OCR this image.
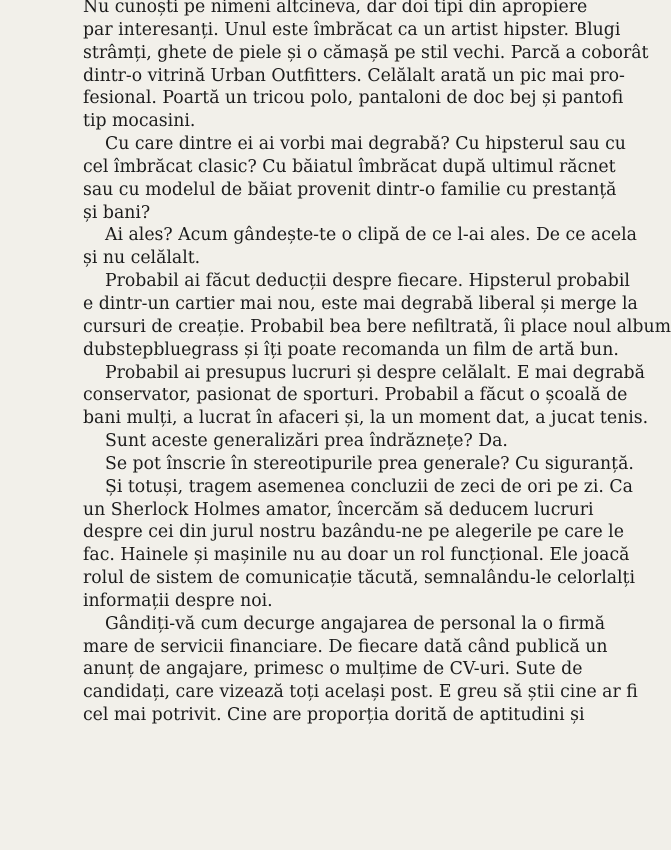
Nu cunoști pe nimeni altcineva, dar doi tipi din apropiere
par interesanți. Unul este îmbrăcat ca un artist hipster. Blugi
strâmți, ghete de piele și o cămașă pe stil vechi. Parcă a coborât
dintr-o vitrină Urban Outfitters. Celălalt arată un pic mai pro-
fesional. Poartă un tricou polo, pantaloni de doc bej și pantofi
tip mocasini.
Cu care dintre ei ai vorbi mai degrabă? Cu hipsterul sau cu
cel îmbrăcat clasic? Cu băiatul îmbrăcat după ultimul răcnet
sau cu modelul de băiat provenit dintr-o familie cu prestanță
și bani?
Ai ales? Acum gândește-te o clipă de ce l-ai ales. De ce acela
și nu celălalt.
Probabil ai făcut deducții despre fiecare. Hipsterul probabil
e dintr-un cartier mai nou, este mai degrabă liberal și merge la
cursuri de creație. Probabil bea bere nefiltrată, îi place noul album
dubstepbluegrass și îți poate recomanda un film de artă bun.
Probabil ai presupus lucruri și despre celălalt. E mai degrabă
conservator, pasionat de sporturi. Probabil a făcut o școală de
bani mulți, a lucrat în afaceri și, la un moment dat, a jucat tenis.
Sunt aceste generalizări prea îndrăznețe? Da.
Se pot înscrie în stereotipurile prea generale? Cu siguranță.
Și totuși, tragem asemenea concluzii de zeci de ori pe zi. Ca
un Sherlock Holmes amator, încercăm să deducem lucruri
despre cei din jurul nostru bazându-ne pe alegerile pe care le
fac. Hainele și mașinile nu au doar un rol funcțional. Ele joacă
rolul de sistem de comunicație tăcută, semnalându-le celorlalți
informații despre noi.
Gândiți-vă cum decurge angajarea de personal la o firmă
mare de servicii financiare. De fiecare dată când publică un
anunț de angajare, primesc o mulțime de CV-uri. Sute de
candidați, care vizează toți același post. E greu să știi cine ar fi
cel mai potrivit. Cine are proporția dorită de aptitudini și
